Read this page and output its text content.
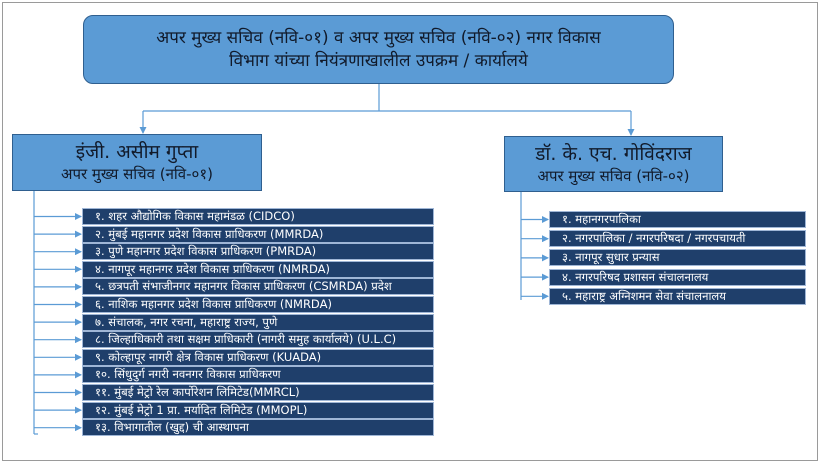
अपर मुख्य सचिव (नवि-०१) व अपर मुख्य सचिव (नवि-०२) नगर विकास
विभाग यांच्या नियंत्रणाखालील उपक्रम / कार्यालये
इंजी. असीम गुप्ता
अपर मुख्य सचिव (नवि-०१)
डॉ. के. एच. गोविंदराज
अपर मुख्य सचिव (नवि-०२)
१. शहर औद्योगिक विकास महामंडळ (CIDCO)
२. मुंबई महानगर प्रदेश विकास प्राधिकरण (MMRDA)
३. पुणे महानगर प्रदेश विकास प्राधिकरण (PMRDA)
४. नागपूर महानगर प्रदेश विकास प्राधिकरण (NMRDA)
५. छत्रपती संभाजीनगर महानगर विकास प्राधिकरण (CSMRDA) प्रदेश
६. नाशिक महानगर प्रदेश विकास प्राधिकरण (NMRDA)
७. संचालक, नगर रचना, महाराष्ट्र राज्य, पुणे
८. जिल्हाधिकारी तथा सक्षम प्राधिकारी (नागरी समुह कार्यालये) (U.L.C)
९. कोल्हापूर नागरी क्षेत्र विकास प्राधिकरण (KUADA)
१०. सिंधुदुर्ग नगरी नवनगर विकास प्राधिकरण
११. मुंबई मेट्रो रेल कार्पोरेशन लिमिटेड(MMRCL)
१२. मुंबई मेट्रो 1 प्रा. मर्यादित लिमिटेड (MMOPL)
१३. विभागातील (खुद्द) ची आस्थापना
१. महानगरपालिका
२. नगरपालिका / नगरपरिषदा / नगरपचायती
३. नागपूर सुधार प्रन्यास
४. नगरपरिषद प्रशासन संचालनालय
५. महाराष्ट्र अग्निशमन सेवा संचालनालय
